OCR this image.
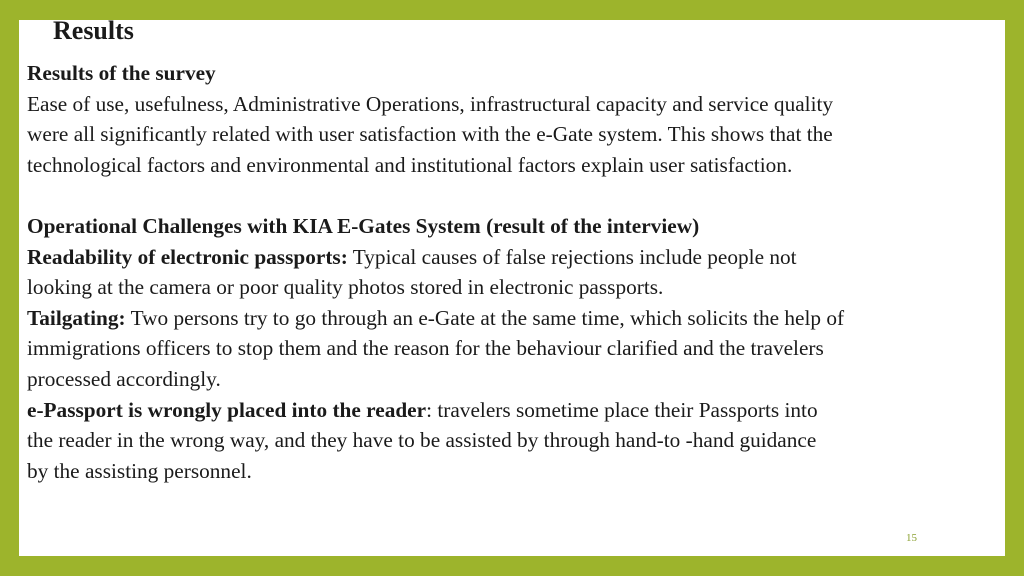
Results

Results of the survey

Ease of use, usefulness, Administrative Operations, infrastructural capacity and service quality

were all significantly related with user satisfaction with the e-Gate system. This shows that the

technological factors and environmental and institutional factors explain user satisfaction.

Operational Challenges with KIA E-Gates System (result of the interview)

Readability of electronic passports: Typical causes of false rejections include people not

looking at the camera or poor quality photos stored in electronic passports.

Tailgating: Two persons try to go through an e-Gate at the same time, which solicits the help of

immigrations officers to stop them and the reason for the behaviour clarified and the travelers

processed accordingly.

e-Passport is wrongly placed into the reader: travelers sometime place their Passports into

the reader in the wrong way, and they have to be assisted by through hand-to -hand guidance

by the assisting personnel.

15
